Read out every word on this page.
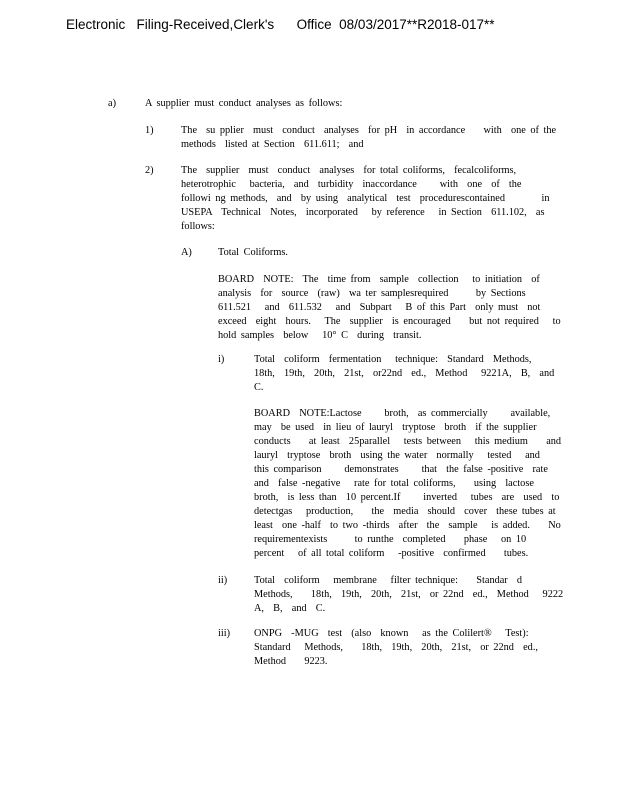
Electronic   Filing-Received,Clerk's      Office  08/03/2017**R2018-017**
a)	A supplier must conduct analyses as follows:
1)	The  su pplier  must  conduct  analyses  for pH  in accordance    with  one of the
methods  listed at Section  611.611;  and
2)	The  supplier  must  conduct  analyses  for total coliforms,  fecalcoliforms,
heterotrophic   bacteria,  and  turbidity  inaccordance     with  one  of  the
followi ng methods,  and  by using  analytical  test  procedurescontained        in
USEPA  Technical  Notes,  incorporated   by reference   in Section  611.102,  as
follows:
A)	Total Coliforms.
BOARD  NOTE:  The  time from  sample  collection   to initiation  of
analysis  for  source  (raw)  wa ter samplesrequired      by Sections
611.521   and  611.532   and  Subpart   B of this Part  only must  not
exceed  eight  hours.   The  supplier  is encouraged    but not required   to
hold samples  below   10° C  during  transit.
i)	Total  coliform  fermentation   technique:  Standard  Methods,
18th,  19th,  20th,  21st,  or22nd  ed.,  Method   9221A,  B,  and
C.
BOARD  NOTE:Lactose     broth,  as commercially     available,
may  be used  in lieu of lauryl  tryptose  broth  if the supplier
conducts    at least  25parallel   tests between   this medium    and
lauryl  tryptose  broth  using the water  normally   tested   and
this comparison     demonstrates     that  the false -positive  rate
and  false -negative   rate for total coliforms,    using  lactose
broth,  is less than  10 percent.If     inverted   tubes  are  used  to
detectgas   production,    the  media  should  cover  these tubes at
least  one -half  to two -thirds  after  the  sample   is added.    No
requirementexists      to runthe  completed    phase   on 10
percent   of all total coliform   -positive  confirmed    tubes.
ii)	Total  coliform   membrane   filter technique:    Standar  d
Methods,    18th,  19th,  20th,  21st,  or 22nd  ed.,  Method   9222
A,  B,  and  C.
iii) ONPG  -MUG  test  (also  known   as the Colilert®   Test):
Standard   Methods,    18th,  19th,  20th,  21st,  or 22nd  ed.,
Method    9223.
